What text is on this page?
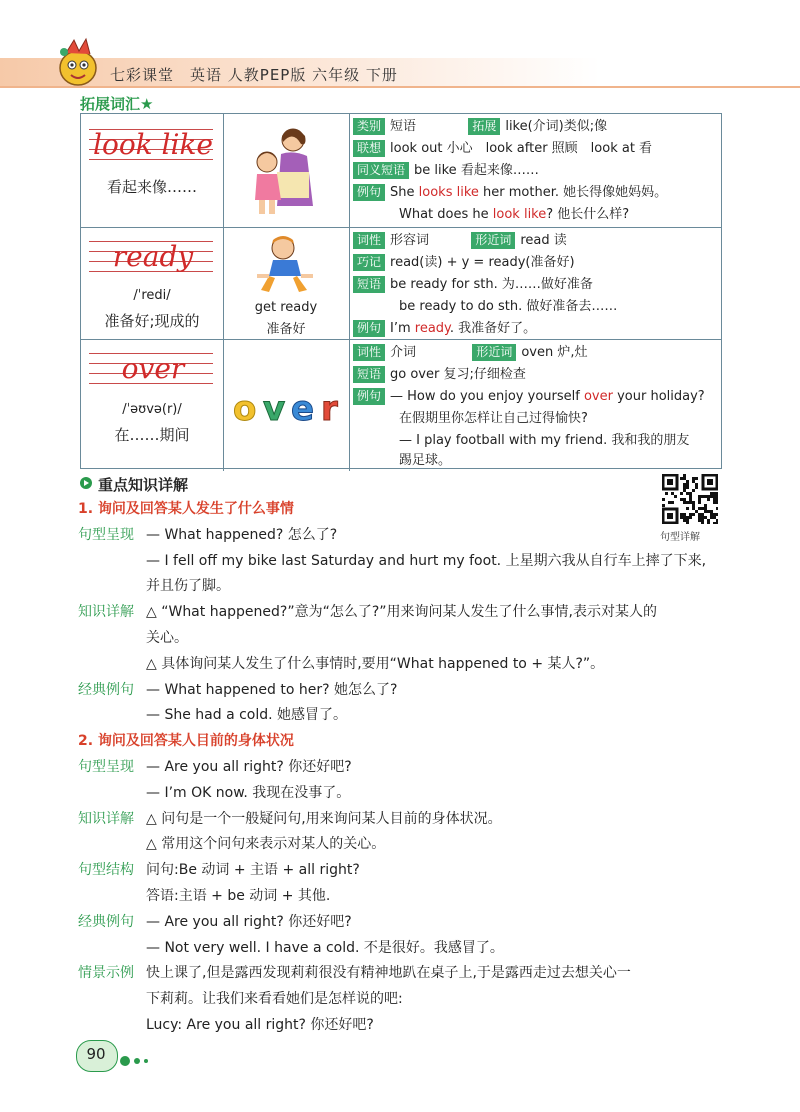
七彩课堂　英语 人教PEP版 六年级 下册
拓展词汇★
look like
看起来像……
类别 短语	拓展 like(介词)类似;像
联想 look out 小心　look after 照顾　look at 看
同义短语 be like 看起来像……
例句 She looks like her mother. 她长得像她妈妈。
What does he look like? 他长什么样?
ready
/ˈredi/
准备好;现成的
get ready
准备好
词性 形容词	形近词 read 读
巧记 read(读) + y = ready(准备好)
短语 be ready for sth. 为……做好准备
be ready to do sth. 做好准备去……
例句 I’m ready. 我准备好了。
over
/ˈəʊvə(r)/
在……期间
o v e r
词性 介词	形近词 oven 炉,灶
短语 go over 复习;仔细检查
例句 — How do you enjoy yourself over your holiday?
在假期里你怎样让自己过得愉快?
— I play football with my friend. 我和我的朋友
踢足球。
重点知识详解
句型详解
1. 询问及回答某人发生了什么事情
句型呈现 — What happened? 怎么了?
— I fell off my bike last Saturday and hurt my foot. 上星期六我从自行车上摔了下来,
并且伤了脚。
知识详解 △ “What happened?”意为“怎么了?”用来询问某人发生了什么事情,表示对某人的
关心。
△ 具体询问某人发生了什么事情时,要用“What happened to + 某人?”。
经典例句 — What happened to her? 她怎么了?
— She had a cold. 她感冒了。
2. 询问及回答某人目前的身体状况
句型呈现 — Are you all right? 你还好吧?
— I’m OK now. 我现在没事了。
知识详解 △ 问句是一个一般疑问句,用来询问某人目前的身体状况。
△ 常用这个问句来表示对某人的关心。
句型结构 问句:Be 动词 + 主语 + all right?
答语:主语 + be 动词 + 其他.
经典例句 — Are you all right? 你还好吧?
— Not very well. I have a cold. 不是很好。我感冒了。
情景示例 快上课了,但是露西发现莉莉很没有精神地趴在桌子上,于是露西走过去想关心一
下莉莉。让我们来看看她们是怎样说的吧:
Lucy: Are you all right? 你还好吧?
90
